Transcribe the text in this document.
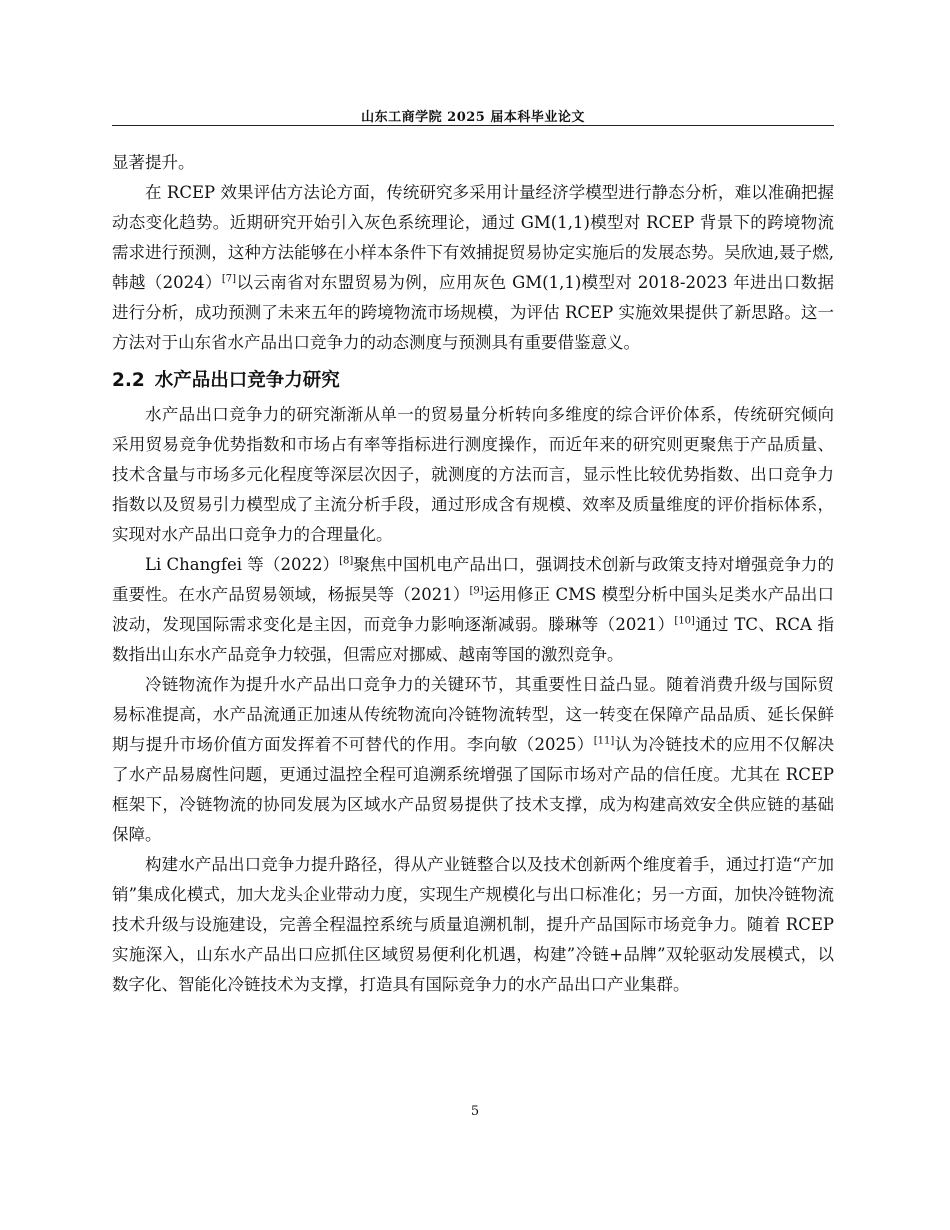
山东工商学院 2025 届本科毕业论文

显著提升。

在 RCEP 效果评估方法论方面，传统研究多采用计量经济学模型进行静态分析，难以准确把握动态变化趋势。近期研究开始引入灰色系统理论，通过 GM(1,1)模型对 RCEP 背景下的跨境物流需求进行预测，这种方法能够在小样本条件下有效捕捉贸易协定实施后的发展态势。吴欣迪,聂子燃,韩越（2024）[7]以云南省对东盟贸易为例，应用灰色 GM(1,1)模型对 2018-2023 年进出口数据进行分析，成功预测了未来五年的跨境物流市场规模，为评估 RCEP 实施效果提供了新思路。这一方法对于山东省水产品出口竞争力的动态测度与预测具有重要借鉴意义。

2.2 水产品出口竞争力研究

水产品出口竞争力的研究渐渐从单一的贸易量分析转向多维度的综合评价体系，传统研究倾向采用贸易竞争优势指数和市场占有率等指标进行测度操作，而近年来的研究则更聚焦于产品质量、技术含量与市场多元化程度等深层次因子，就测度的方法而言，显示性比较优势指数、出口竞争力指数以及贸易引力模型成了主流分析手段，通过形成含有规模、效率及质量维度的评价指标体系，实现对水产品出口竞争力的合理量化。

Li Changfei 等（2022）[8]聚焦中国机电产品出口，强调技术创新与政策支持对增强竞争力的重要性。在水产品贸易领域，杨振昊等（2021）[9]运用修正 CMS 模型分析中国头足类水产品出口波动，发现国际需求变化是主因，而竞争力影响逐渐减弱。滕琳等（2021）[10]通过 TC、RCA 指数指出山东水产品竞争力较强，但需应对挪威、越南等国的激烈竞争。

冷链物流作为提升水产品出口竞争力的关键环节，其重要性日益凸显。随着消费升级与国际贸易标准提高，水产品流通正加速从传统物流向冷链物流转型，这一转变在保障产品品质、延长保鲜期与提升市场价值方面发挥着不可替代的作用。李向敏（2025）[11]认为冷链技术的应用不仅解决了水产品易腐性问题，更通过温控全程可追溯系统增强了国际市场对产品的信任度。尤其在 RCEP 框架下，冷链物流的协同发展为区域水产品贸易提供了技术支撑，成为构建高效安全供应链的基础保障。

构建水产品出口竞争力提升路径，得从产业链整合以及技术创新两个维度着手，通过打造“产加销”集成化模式，加大龙头企业带动力度，实现生产规模化与出口标准化；另一方面，加快冷链物流技术升级与设施建设，完善全程温控系统与质量追溯机制，提升产品国际市场竞争力。随着 RCEP 实施深入，山东水产品出口应抓住区域贸易便利化机遇，构建”冷链+品牌”双轮驱动发展模式，以数字化、智能化冷链技术为支撑，打造具有国际竞争力的水产品出口产业集群。

5
